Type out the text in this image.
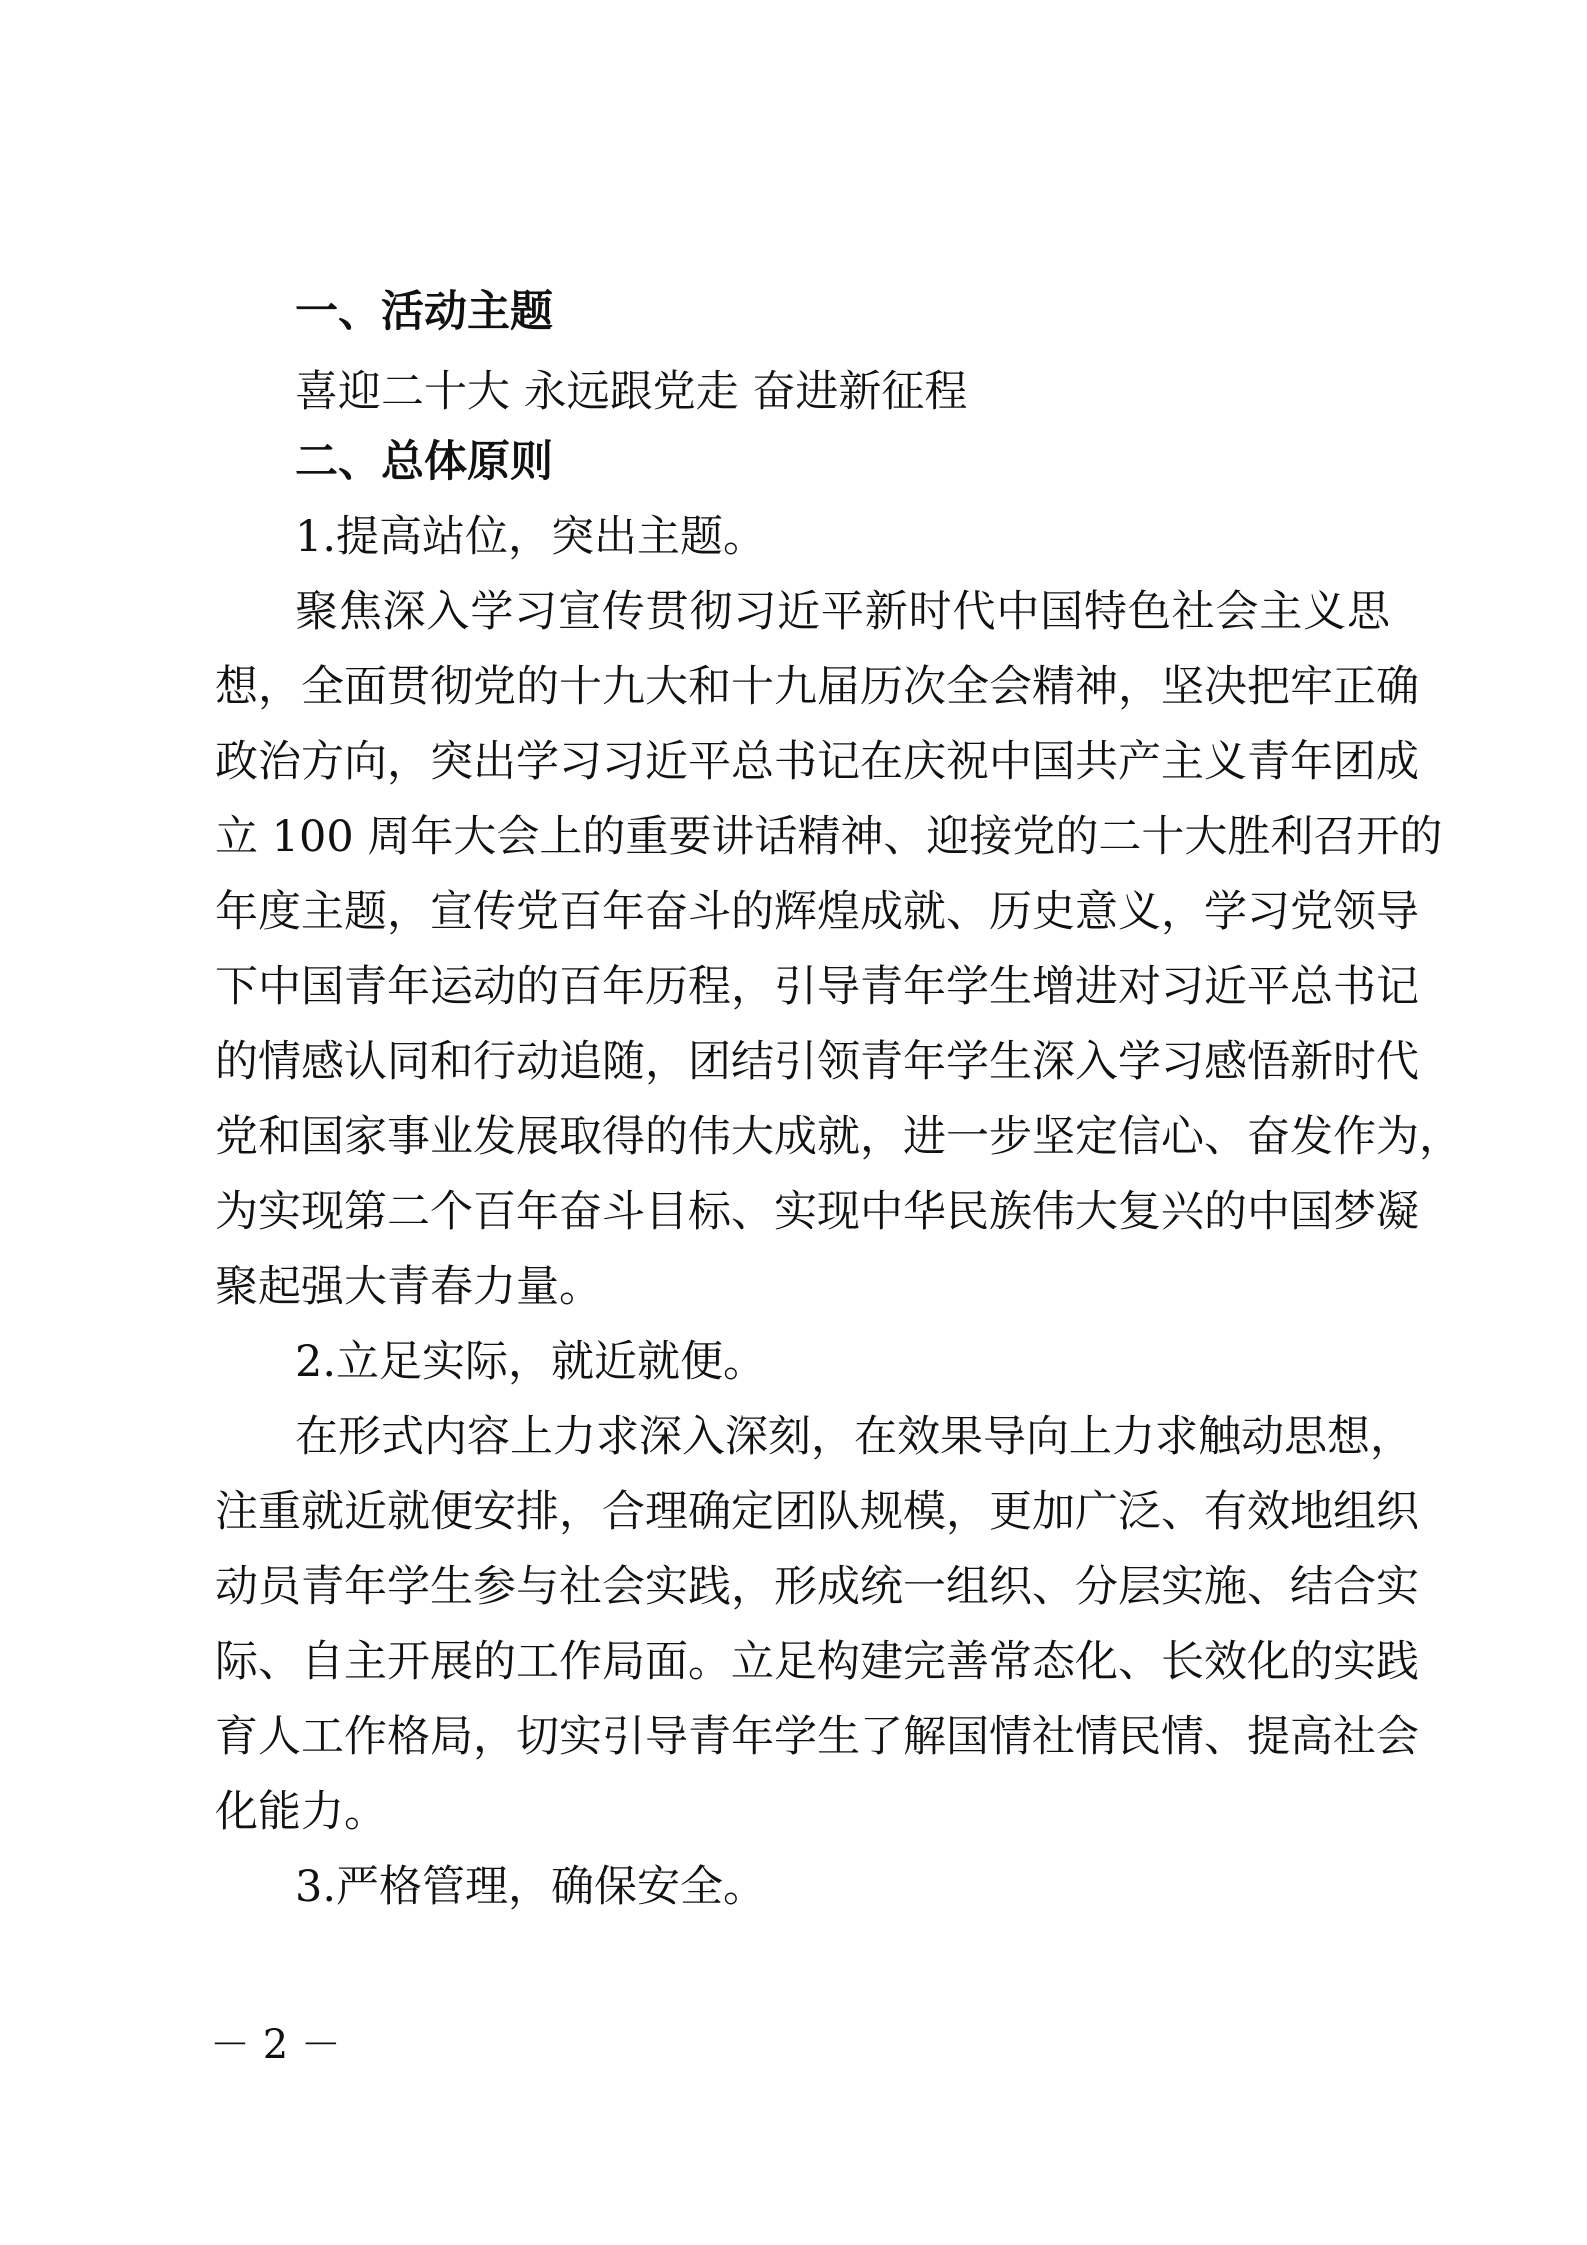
一、活动主题
喜迎二十大 永远跟党走 奋进新征程
二、总体原则
1.提高站位，突出主题。
聚焦深入学习宣传贯彻习近平新时代中国特色社会主义思
想，全面贯彻党的十九大和十九届历次全会精神，坚决把牢正确
政治方向，突出学习习近平总书记在庆祝中国共产主义青年团成
立 100 周年大会上的重要讲话精神、迎接党的二十大胜利召开的
年度主题，宣传党百年奋斗的辉煌成就、历史意义，学习党领导
下中国青年运动的百年历程，引导青年学生增进对习近平总书记
的情感认同和行动追随，团结引领青年学生深入学习感悟新时代
党和国家事业发展取得的伟大成就，进一步坚定信心、奋发作为，
为实现第二个百年奋斗目标、实现中华民族伟大复兴的中国梦凝
聚起强大青春力量。
2.立足实际，就近就便。
在形式内容上力求深入深刻，在效果导向上力求触动思想，
注重就近就便安排，合理确定团队规模，更加广泛、有效地组织
动员青年学生参与社会实践，形成统一组织、分层实施、结合实
际、自主开展的工作局面。立足构建完善常态化、长效化的实践
育人工作格局，切实引导青年学生了解国情社情民情、提高社会
化能力。
3.严格管理，确保安全。
－ 2 －
